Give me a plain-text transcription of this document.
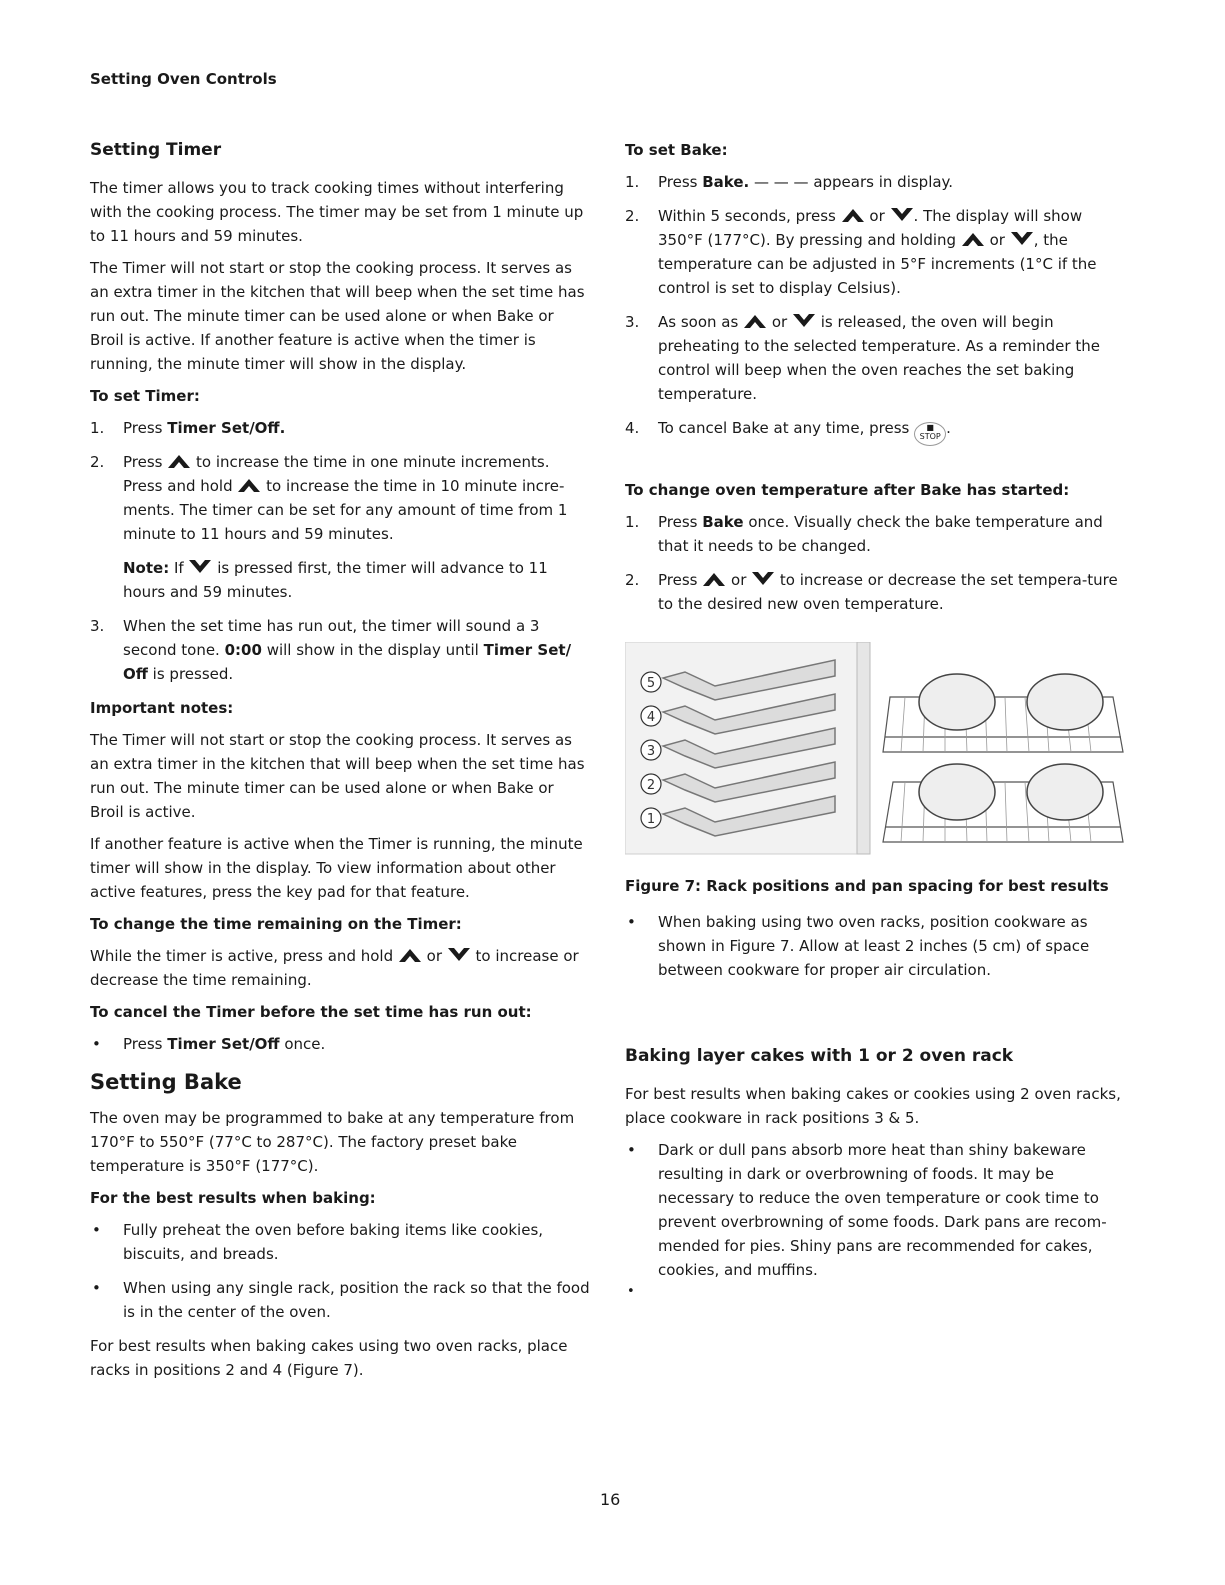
Setting Oven Controls
Setting Timer

The timer allows you to track cooking times without interfering with the cooking process. The timer may be set from 1 minute up to 11 hours and 59 minutes.

The Timer will not start or stop the cooking process. It serves as an extra timer in the kitchen that will beep when the set time has run out. The minute timer can be used alone or when Bake or Broil is active. If another feature is active when the timer is running, the minute timer will show in the display.

To set Timer:
1. Press Timer Set/Off.
2. Press  to increase the time in one minute increments. Press and hold  to increase the time in 10 minute incre-ments. The timer can be set for any amount of time from 1 minute to 11 hours and 59 minutes.
Note: If  is pressed first, the timer will advance to 11 hours and 59 minutes.
3. When the set time has run out, the timer will sound a 3 second tone. 0:00 will show in the display until Timer Set/ Off is pressed.
Important notes:

The Timer will not start or stop the cooking process. It serves as an extra timer in the kitchen that will beep when the set time has run out. The minute timer can be used alone or when Bake or Broil is active.

If another feature is active when the Timer is running, the minute timer will show in the display. To view information about other active features, press the key pad for that feature.

To change the time remaining on the Timer:

While the timer is active, press and hold  or  to increase or decrease the time remaining.

To cancel the Timer before the set time has run out:
• Press Timer Set/Off once.
Setting Bake

The oven may be programmed to bake at any temperature from 170°F to 550°F (77°C to 287°C). The factory preset bake temperature is 350°F (177°C).

For the best results when baking:
• Fully preheat the oven before baking items like cookies, biscuits, and breads.
• When using any single rack, position the rack so that the food is in the center of the oven.

For best results when baking cakes using two oven racks, place racks in positions 2 and 4 (Figure 7).

To set Bake:
1. Press Bake. — — — appears in display.
2. Within 5 seconds, press  or . The display will show 350°F (177°C). By pressing and holding  or , the temperature can be adjusted in 5°F increments (1°C if the control is set to display Celsius).
3. As soon as  or  is released, the oven will begin preheating to the selected temperature. As a reminder the control will beep when the oven reaches the set baking temperature.
4. To cancel Bake at any time, press ■
STOP .
To change oven temperature after Bake has started:
1. Press Bake once. Visually check the bake temperature and that it needs to be changed.
2. Press  or  to increase or decrease the set tempera-ture to the desired new oven temperature.
5
4
3
2
1
Figure 7: Rack positions and pan spacing for best results
• When baking using two oven racks, position cookware as shown in Figure 7. Allow at least 2 inches (5 cm) of space between cookware for proper air circulation.
Baking layer cakes with 1 or 2 oven rack

For best results when baking cakes or cookies using 2 oven racks, place cookware in rack positions 3 & 5.

• Dark or dull pans absorb more heat than shiny bakeware resulting in dark or overbrowning of foods. It may be necessary to reduce the oven temperature or cook time to prevent overbrowning of some foods. Dark pans are recom-mended for pies. Shiny pans are recommended for cakes, cookies, and muffins.
•
16
